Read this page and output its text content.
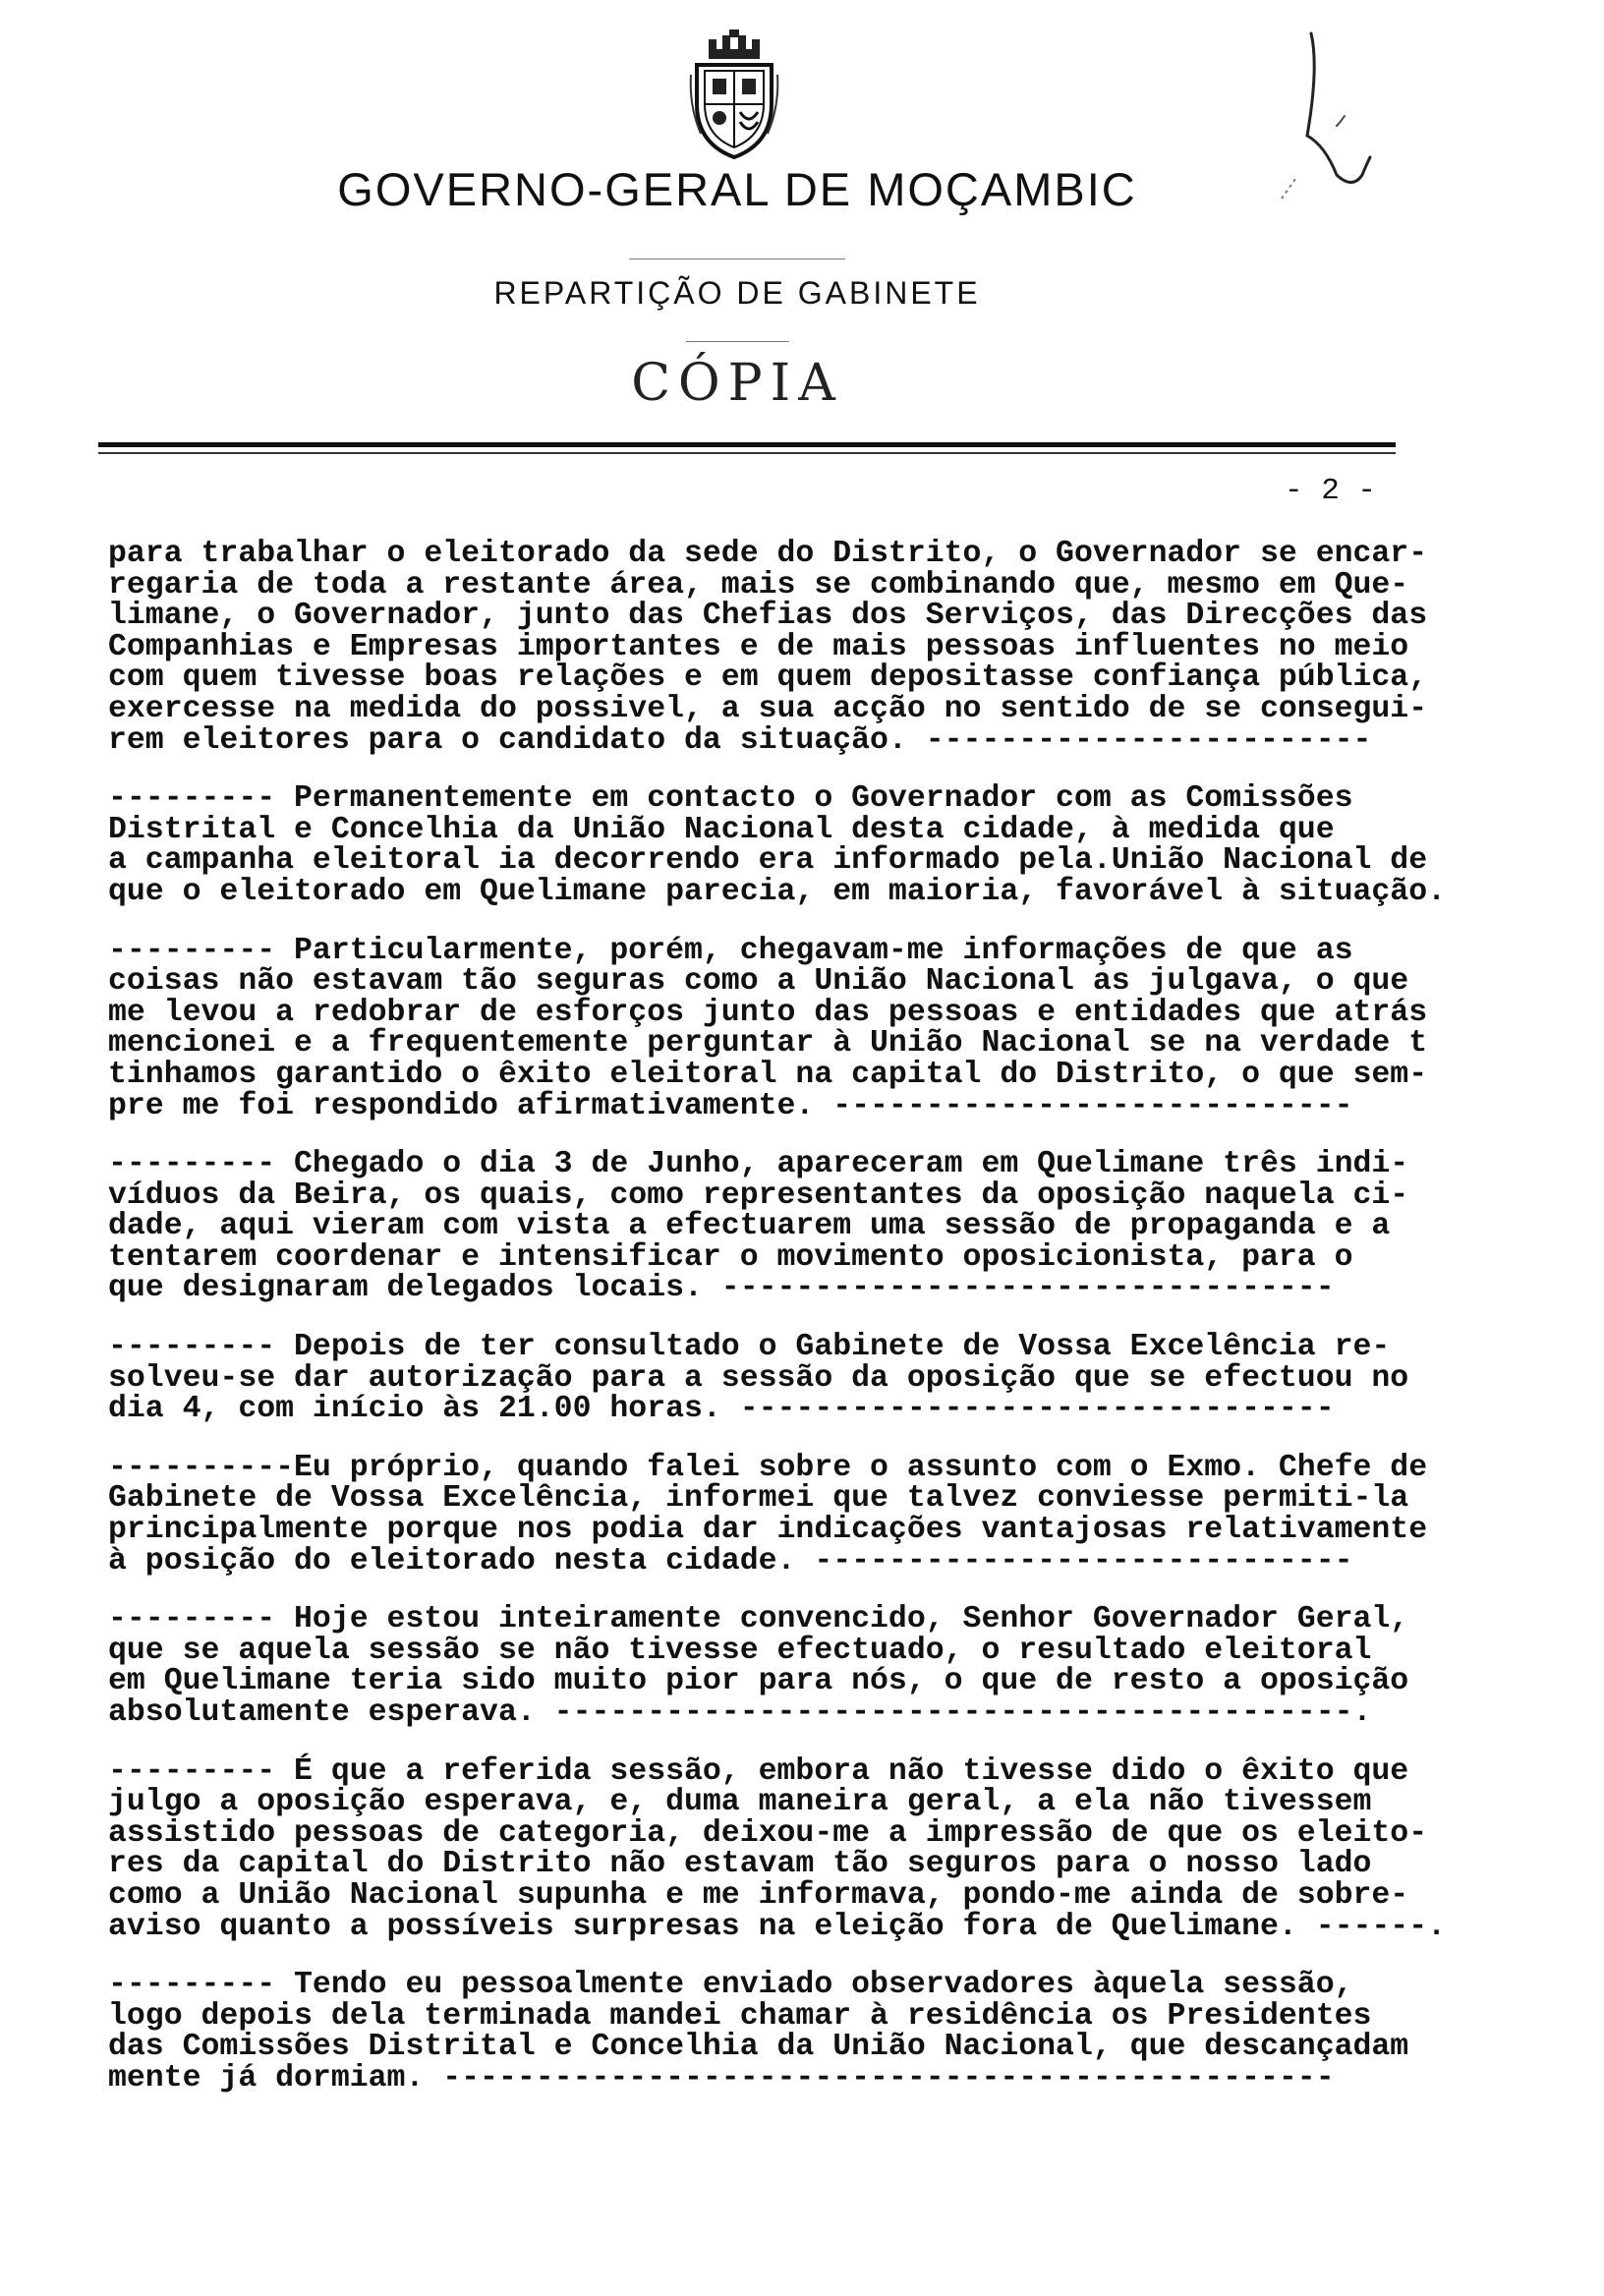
GOVERNO-GERAL DE MOÇAMBIC
REPARTIÇÃO DE GABINETE
CÓPIA
- 2 -
para trabalhar o eleitorado da sede do Distrito, o Governador se encar-
regaria de toda a restante área, mais se combinando que, mesmo em Que-
limane, o Governador, junto das Chefias dos Serviços, das Direcções das
Companhias e Empresas importantes e de mais pessoas influentes no meio
com quem tivesse boas relações e em quem depositasse confiança pública,
exercesse na medida do possivel, a sua acção no sentido de se consegui-
rem eleitores para o candidato da situação. ------------------------
--------- Permanentemente em contacto o Governador com as Comissões
Distrital e Concelhia da União Nacional desta cidade, à medida que
a campanha eleitoral ia decorrendo era informado pela.União Nacional de
que o eleitorado em Quelimane parecia, em maioria, favorável à situação.
--------- Particularmente, porém, chegavam-me informações de que as
coisas não estavam tão seguras como a União Nacional as julgava, o que
me levou a redobrar de esforços junto das pessoas e entidades que atrás
mencionei e a frequentemente perguntar à União Nacional se na verdade t
tinhamos garantido o êxito eleitoral na capital do Distrito, o que sem-
pre me foi respondido afirmativamente. ----------------------------
--------- Chegado o dia 3 de Junho, apareceram em Quelimane três indi-
víduos da Beira, os quais, como representantes da oposição naquela ci-
dade, aqui vieram com vista a efectuarem uma sessão de propaganda e a
tentarem coordenar e intensificar o movimento oposicionista, para o
que designaram delegados locais. ---------------------------------
--------- Depois de ter consultado o Gabinete de Vossa Excelência re-
solveu-se dar autorização para a sessão da oposição que se efectuou no
dia 4, com início às 21.00 horas. --------------------------------
----------Eu próprio, quando falei sobre o assunto com o Exmo. Chefe de
Gabinete de Vossa Excelência, informei que talvez conviesse permiti-la
principalmente porque nos podia dar indicações vantajosas relativamente
à posição do eleitorado nesta cidade. -----------------------------
--------- Hoje estou inteiramente convencido, Senhor Governador Geral,
que se aquela sessão se não tivesse efectuado, o resultado eleitoral
em Quelimane teria sido muito pior para nós, o que de resto a oposição
absolutamente esperava. -------------------------------------------.
--------- É que a referida sessão, embora não tivesse dido o êxito que
julgo a oposição esperava, e, duma maneira geral, a ela não tivessem
assistido pessoas de categoria, deixou-me a impressão de que os eleito-
res da capital do Distrito não estavam tão seguros para o nosso lado
como a União Nacional supunha e me informava, pondo-me ainda de sobre-
aviso quanto a possíveis surpresas na eleição fora de Quelimane. ------.
--------- Tendo eu pessoalmente enviado observadores àquela sessão,
logo depois dela terminada mandei chamar à residência os Presidentes
das Comissões Distrital e Concelhia da União Nacional, que descançadam
mente já dormiam. ------------------------------------------------
